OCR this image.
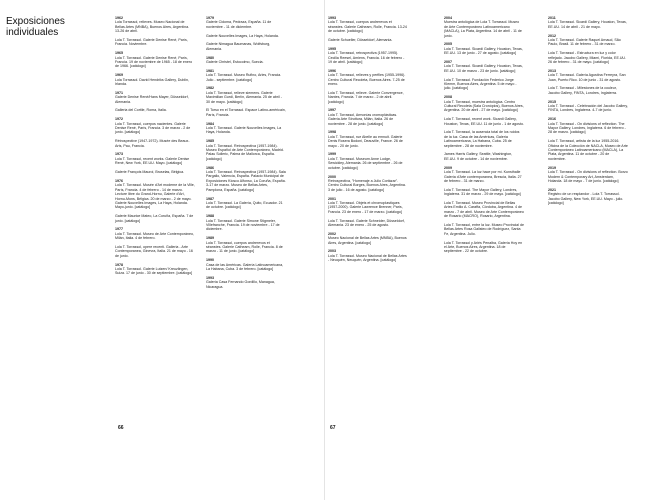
Exposiciones individuales
1962
Lola Torrassol, relieves. Museo Nacional de Bellas Artes (MNBA), Buenos Aires, Argentina. 13-26 de abril.
Lola T. Torrassol. Galerie Denise René, París, Francia. Noviembre.
1965
Lola T. Torrassol. Galerie Denise René, París, Francia. 19 de noviembre de 1965 - 18 de enero de 1966. [catálogo]
1969
Lola Torrassol. David Hendriks Gallery, Dublin, Irlanda.
1971
Galerie Denise René/Hans Mayer, Düsseldorf, Alemania.
Galleria del Cortile, Roma, Italia.
1972
Lola T. Torrassol, cuerpos nacientes. Galerie Denise René, París, Francia. 3 de marzo - 2 de junio. [catálogo]
Rétrospective (1947-1972). Musée des Beaux-Arts, Pau, Francia.
1973
Lola T. Torrassol, recent works. Galerie Denise René, New York, EE.UU. Mayo. [catálogo]
Galerie François Mauroi, Bruselas, Bélgica.
1976
Lola T. Torrassol. Musée d'Art moderne de la Ville, París, Francia. 4 de febrero - 14 de marzo. Lecture libre du Grand-Hornu, Galerie d'Art, Hornu-Mons, Bélgica. 20 de marzo - 2 de mayo. Galerie Nouvelles Images, La Haya, Holanda. Mayo-junio. [catálogo]
Galerie Maurice Mateo, La Coruña, España. 7 de junio. [catálogo]
1977
Lola T. Torrassol. Museo de Arte Contemporáneo, Milán, Italia. 4 de febrero.
Lola T. Torrassol, opere recenti. Galleria - Arte Contemporanea, Ginevra, Italia. 21 de mayo - 16 de junio.
1978
Lola T. Torrassol. Galerie Lutzen/ Kreuzlingen, Suiza. 17 de junio - 30 de septiembre. [catálogo]
1979
Galerie Cidoma, Pedraza, España. 11 de noviembre - 11 de diciembre.
Galerie Nouvelles Images, La Haya, Holanda.
Galerie Nimagua Baumanas, Wolfsburg, Alemania.
1980
Galerie Christel, Estocolmo, Suecia.
1981
Lola T. Torrassol. Museo Rufino, Arles, Francia. Julio - septiembre. [catálogo]
1982
Lola T. Torrassol, relieve siemens. Galerie Maximilian Gurdi, Berlín, Alemania. 25 de abril - 30 de mayo. [catálogo]
El Torso en el Torrassol. Espace Latino-américain, París, Francia.
1984
Lola T. Torrassol. Galerie Nouvelles Images, La Haya, Holanda.
1985
Lola T. Torrassol. Retrospectiva (1957-1984). Museo Español de Arte Contemporáneo, Madrid. Palau Solleric, Palma de Mallorca, España. [catálogo]
1986
Lola T. Torrassol. Retrospectiva (1957-1984). Sala Pargallo, Valencia, España. Palacio Municipal de Exposiciones Kiosco Alfonso, La Coruña, España. 3-17 de marzo. Museo de Bellas Artes, Pamplona, España. [catálogo]
1987
Lola T. Torrassol. La Galería, Quito, Ecuador. 21 de octubre. [catálogo]
1988
Lola T. Torrassol. Galerie Simone Stigmeier, Villefranche, Francia. 19 de noviembre - 17 de diciembre.
1989
Lola T. Torrassol, cuerpos andrerevos et séanstes. Galerie Catheam, Rolle, Francia. 8 de marzo - 11 de junio. [catálogo]
1990
Casa de las Américas. Galería Latinoamericana, La Habana, Cuba. 3 de febrero. [catálogo]
1993
Galería Casa Fernando Gordillo, Managua, Nicaragua.
66
1993
Lola T. Torrassol, cuerpos andrerevos et séanstes. Galerie Catheam, Rolle, Francia. 13-24 de octubre. [catálogo]
Galerie Schueller, Düsseldorf, Alemania.
1995
Lola T. Torrassol, retrospectiva (1957-1995). Cecilia Reesel, Amiens, Francia. 16 de febrero - 19 de abril. [catálogo]
1996
Lola T. Torrassol, relieves y perfiles (1955-1996). Centro Cultural Recoleta, Buenos Aires. 7-25 de enero.
Lola T. Torrassol, relieve. Galerie Convergence, Nantes, Francia. 7 de marzo - 2 de abril. [catálogo]
1997
Lola T. Torrassol, Armonías cromoplásticas. Galería Arte Struttura, Milán, Italia. 26 de noviembre - 28 de junio. [catálogo]
1998
Lola T. Torrassol, rue Abelle au emnuit. Galerie Denis Rosera Bodoni, Deauville, France. 26 de mayo - 20 de junio.
1999
Lola T. Torrassol. Museum Anne Lodge, Sewickley, Alemania. 26 de septiembre - 26 de octubre. [catálogo]
2000
Retrospectiva, "Homenaje a Julio Cortázar". Centro Cultural Borges, Buenos Aires, Argentina. 3 de julio - 16 de agosto. [catálogo]
2001
Lola T. Torrassol. Objets et chromoplastiques (1957-2000). Galerie Lawrence Brenner, París, Francia. 23 de enero - 17 de marzo. [catálogo]
Lola T. Torrassol. Galerie Schneider, Düsseldorf, Alemania. 23 de enero - 25 de agosto.
2002
Museo Nacional de Bellas Artes (MNBA), Buenos Aires, Argentina. [catálogo]
2003
Lola T. Torrassol. Museo Nacional de Bellas Artes - Neuquén, Neuquén, Argentina. [catálogo]
2004
Muestra antológica de Lola T. Torrassol. Museo de Arte Contemporáneo Latinoamericano (MACLA), La Plata, Argentina. 14 de abril - 11 de junio.
2005
Lola T. Torrassol. Sicardi Gallery, Houston, Texas, EE.UU. 13 de junio - 27 de agosto. [catálogo]
2007
Lola T. Torrassol. Sicardi Gallery, Houston, Texas, EE.UU. 10 de marzo - 23 de junio. [catálogo]
Lola T. Torrassol. Fundación Federico Jorge Klemm, Buenos Aires, Argentina. 5 de mayo - julio. [catálogo]
2008
Lola T. Torrassol, muestra antológica. Centro Cultural Recoleta (Sala Cronópios), Buenos Aires, Argentina. 20 de abril - 27 de mayo. [catálogo]
Lola T. Torrassol, recent work. Sicardi Gallery, Houston, Texas, EE.UU. 11 de junio - 1 de agosto.
Lola T. Torrassol, la ausencia total de los ruidos de la luz. Casa de las Américas, Galería Latinoamericana, La Habana, Cuba. 25 de septiembre - 28 de noviembre.
James Harris Gallery, Seattle, Washington, EE.UU. 9 de octubre - 14 de noviembre.
2009
Lola T. Torrassol. La luz hace por mí. Kunsthalle Galería d'Arte contemporanea, Brescia, Italia. 27 de febrero - 31 de marzo.
Lola T. Torrassol. The Mayor Gallery, Londres, Inglaterra. 31 de marzo - 29 de mayo. [catálogo]
Lola T. Torrassol. Museo Provincial de Bellas Artes Emilio A. Caraffa, Córdoba, Argentina. 4 de marzo - 7 de abril. Museo de Arte Contemporáneo de Rosario (MACRO), Rosario, Argentina.
Lola T. Torrassol, entre la luz. Museo Provincial de Bellas Artes Rosa Galisteo de Rodríguez, Santa Fe, Argentina. Julio.
Lola T. Torrassol y Ariés Penalba, Galería Hoy en el Arte, Buenos Aires, Argentina. 18 de septiembre - 22 de octubre.
2011
Lola T. Torrassol. Sicardi Gallery, Houston, Texas, EE.UU. 14 de abril - 21 de mayo.
2012
Lola T. Torrassol. Galerie Raquel Arnaud, São Paulo, Brasil. 11 de febrero - 31 de marzo.
Lola T. Torrassol - Estructura en luz y color reflejado. Jacobo Gallery, Miami, Florida, EE.UU. 26 de febrero - 31 de mayo. [catálogo]
2013
Lola T. Torrassol. Galería Agustina Ferreyra, San Juan, Puerto Rico. 10 de junio - 31 de agosto.
Lola T. Torrassol - Milestones de la couleur, Jacobo Gallery, FINTA, Londres, Inglaterra.
2015
Lola T. Torrassol - Celebración del Jacobo Gallery, FINTA, Londres, Inglaterra. 4-7 de junio.
2016
Lola T. Torrassol - On divisions of reflection. The Mayor Gallery, Londres, Inglaterra. 6 de febrero - 28 de marzo. [catálogo]
Lola T. Torrassol, artista de la luz 1955-2016. Oficina de la Colección de NACLA, Museo de Arte Contemporáneo Latinoamericano (MACLA), La Plata, Argentina. 11 de octubre - 20 de noviembre.
2019
Lola T. Torrassol - On divisions of reflection. Borzo Modern & Contemporary Art, Amsterdam, Holanda. 18 de mayo - 7 de junio. [catálogo]
2021
Registro de un resplandor - Lola T. Torrassol. Jacobo Gallery, New York, EE.UU. Mayo - julio. [catálogo]
67
